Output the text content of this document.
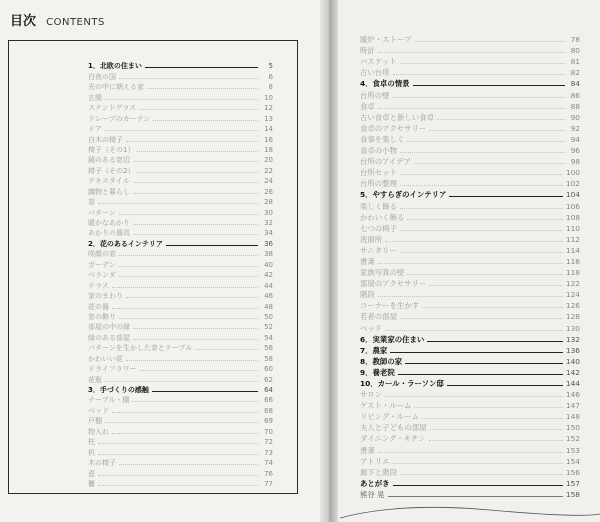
目次 CONTENTS
1．北欧の住まい	5
白夜の国	6
光の中に朝える家	8
玄関	10
ステンドグラス	12
ドレープのカーテン	13
ドア	14
白木の椅子	16
椅子（その1）	18
鏡のある窓辺	20
椅子（その2）	22
テキスタイル	24
織物と暮らし	26
窓	28
パターン	30
暖かなあかり	32
あかりの器具	34
2．花のあるインテリア	36
咲顔の窓	38
ガーデン	40
ベランダ	42
テラス	44
家のまわり	46
花の器	48
窓の飾り	50
部屋の中の緑	52
緑のある部屋	54
パターンを生かした窓とテーブル	56
かわいい花	58
ドライフラワー	60
花瓶	62
3．手づくりの感触	64
テーブル・棚	66
ベッド	68
戸棚	69
物入れ	70
柱	72
机	73
木の椅子	74
壺	76
櫃	77
暖炉・ストーブ	78
時計	80
バスケット	81
古い台所	82
4．食卓の情景	84
台所の壁	86
食卓	88
古い食卓と新しい食卓	90
食卓のアクセサリー	92
食事を楽しく	94
食卓の小物	96
台所のアイデア	98
台所セット	100
台所の整理	102
5．やすらぎのインテリア	104
楽しく飾る	106
かわいく飾る	108
七つの椅子	110
洗面所	112
サニタリー	114
書斎	116
家族写真の壁	118
部屋のアクセサリー	122
階段	124
コーナーを生かす	126
若者の部屋	128
ベッド	130
6．実業家の住まい	132
7．農家	136
8．教師の家	140
9．養老院	142
10．カール・ラーソン邸	144
サロン	146
ゲスト・ルーム	147
リビング・ルーム	148
夫人と子どもの部屋	150
ダイニング・キチン	152
書斎	153
アトリエ	154
廊下と階段	156
あとがき	157
熊谷 晃	158
